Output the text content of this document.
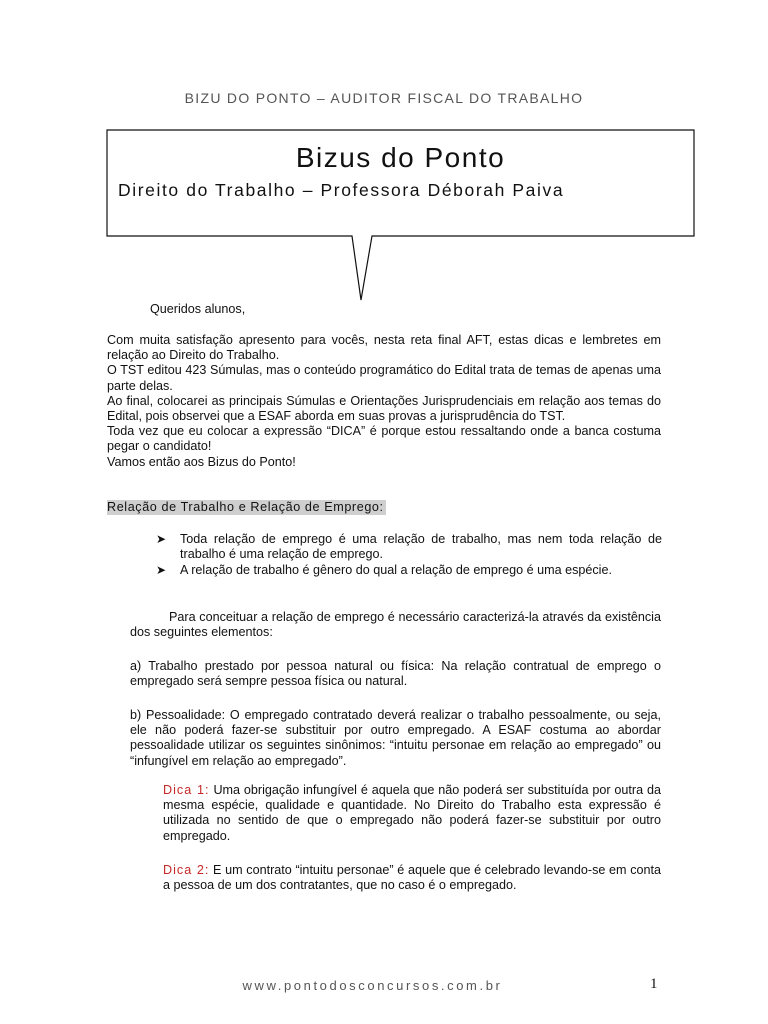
BIZU DO PONTO – AUDITOR FISCAL DO TRABALHO
Bizus do Ponto
Direito do Trabalho – Professora Déborah Paiva
Queridos alunos,

Com muita satisfação apresento para vocês, nesta reta final AFT, estas dicas e lembretes em relação ao Direito do Trabalho.

O TST editou 423 Súmulas, mas o conteúdo programático do Edital trata de temas de apenas uma parte delas.

Ao final, colocarei as principais Súmulas e Orientações Jurisprudenciais em relação aos temas do Edital, pois observei que a ESAF aborda em suas provas a jurisprudência do TST.

Toda vez que eu colocar a expressão “DICA” é porque estou ressaltando onde a banca costuma pegar o candidato!

Vamos então aos Bizus do Ponto!

Relação de Trabalho e Relação de Emprego:
➤ Toda relação de emprego é uma relação de trabalho, mas nem toda relação de trabalho é uma relação de emprego.

➤ A relação de trabalho é gênero do qual a relação de emprego é uma espécie.

Para conceituar a relação de emprego é necessário caracterizá-la através da existência dos seguintes elementos:
a) Trabalho prestado por pessoa natural ou física: Na relação contratual de emprego o empregado será sempre pessoa física ou natural.
b) Pessoalidade: O empregado contratado deverá realizar o trabalho pessoalmente, ou seja, ele não poderá fazer-se substituir por outro empregado. A ESAF costuma ao abordar pessoalidade utilizar os seguintes sinônimos: “intuitu personae em relação ao empregado” ou “infungível em relação ao empregado”.
Dica 1: Uma obrigação infungível é aquela que não poderá ser substituída por outra da mesma espécie, qualidade e quantidade. No Direito do Trabalho esta expressão é utilizada no sentido de que o empregado não poderá fazer-se substituir por outro empregado.
Dica 2: E um contrato “intuitu personae” é aquele que é celebrado levando-se em conta a pessoa de um dos contratantes, que no caso é o empregado.
www.pontodosconcursos.com.br	1
